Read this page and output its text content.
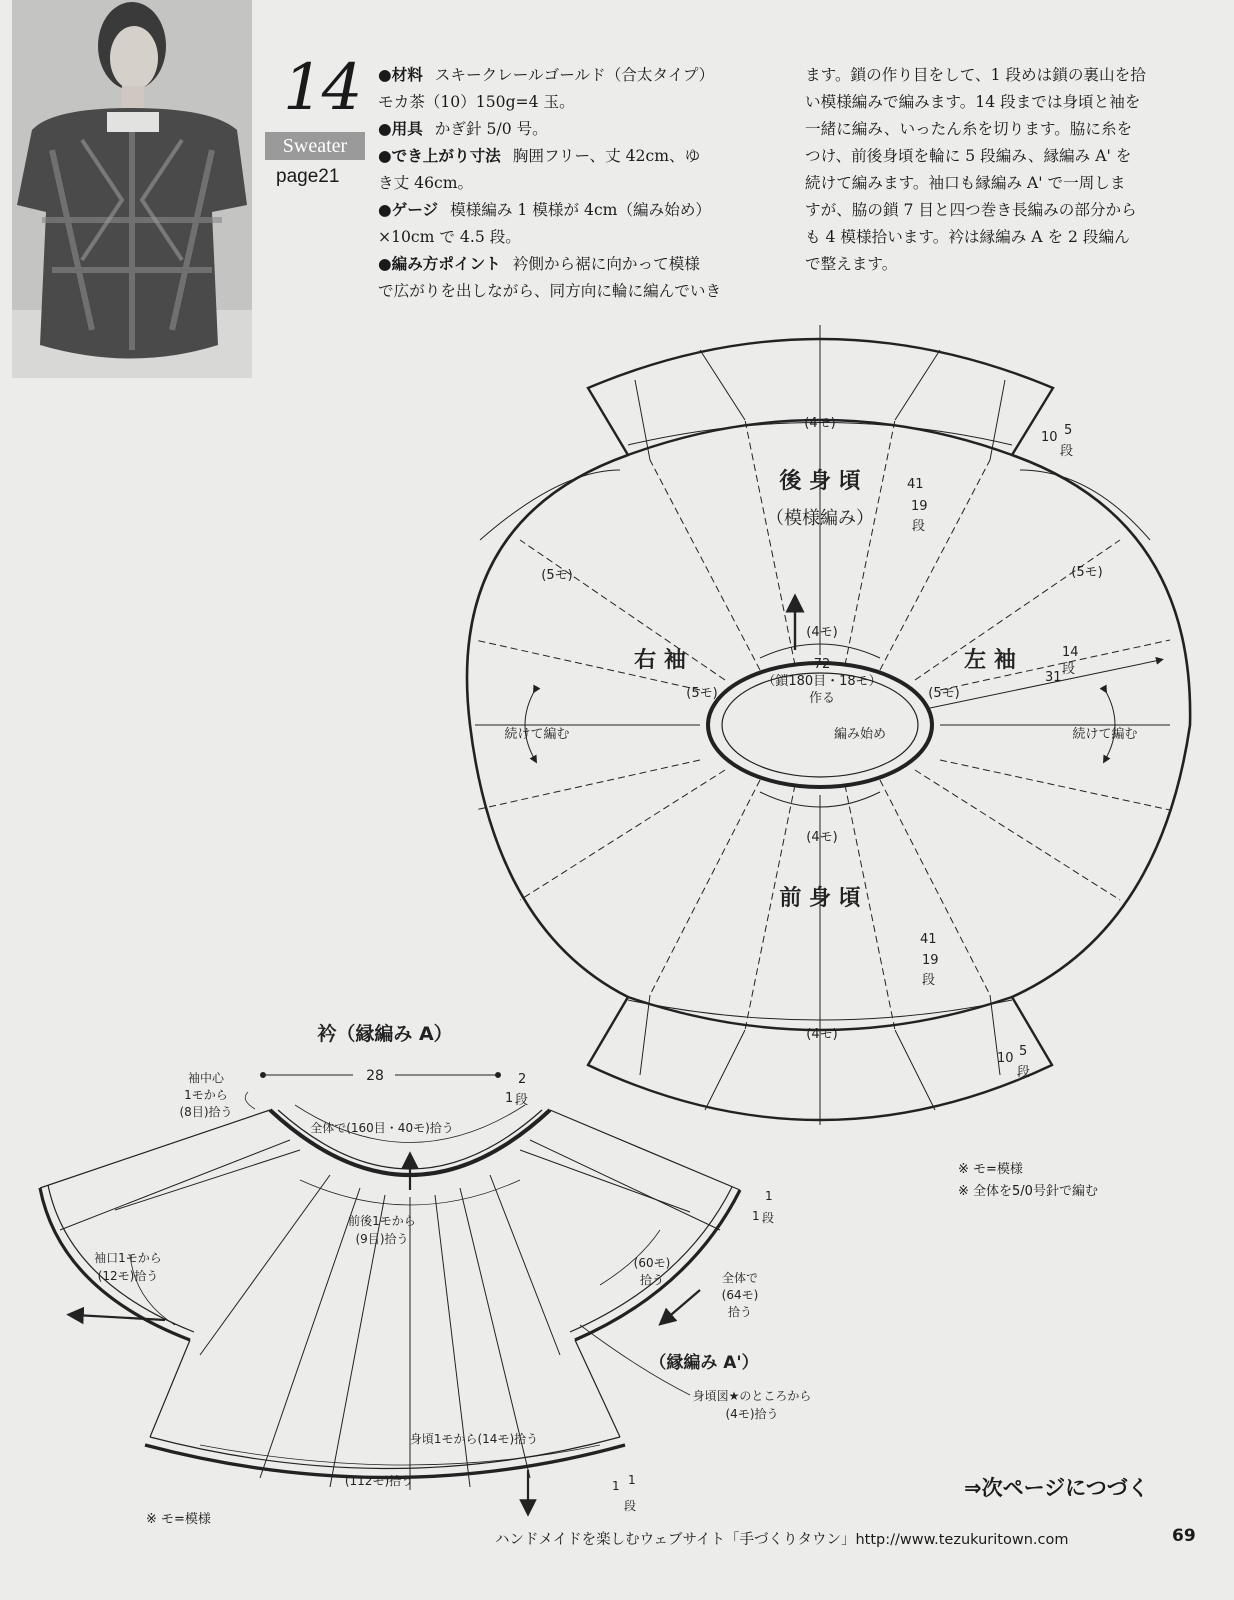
14
Sweater
page21
●材料 スキークレールゴールド（合太タイプ）
モカ茶（10）150g=4 玉。
●用具 かぎ針 5/0 号。
●でき上がり寸法 胸囲フリー、丈 42cm、ゆ
き丈 46cm。
●ゲージ 模様編み 1 模様が 4cm（編み始め）
×10cm で 4.5 段。
●編み方ポイント 衿側から裾に向かって模様
で広がりを出しながら、同方向に輪に編んでいき
ます。鎖の作り目をして、1 段めは鎖の裏山を拾
い模様編みで編みます。14 段までは身頃と袖を
一緒に編み、いったん糸を切ります。脇に糸を
つけ、前後身頃を輪に 5 段編み、縁編み A' を
続けて編みます。袖口も縁編み A' で一周しま
すが、脇の鎖 7 目と四つ巻き長編みの部分から
も 4 模様拾います。衿は縁編み A を 2 段編ん
で整えます。
後 身 頃
（模様編み）
前 身 頃
右 袖	左 袖
続けて編む	続けて編む
編み始め
72
（鎖180目・18モ）
作る
(4モ)
(4モ)
(4モ)
(4モ)
(5モ)	(5モ)
(5モ)	(5モ)
10 5
段
41
19
段
41
19
段
31
14
段
10 5
段
衿（縁編み A）
28
1
2
段
袖中心
1モから
(8目)拾う
全体で(160目・40モ)拾う
前後1モから
(9目)拾う
袖口1モから
(12モ)拾う
(60モ)
拾う	全体で
(64モ)
拾う
（縁編み A'）
身頃図★のところから
(4モ)拾う
身頃1モから(14モ)拾う
(112モ)拾う
1
1
段
1 1
段
※ モ=模様
※ 全体を5/0号針で編む
※ モ=模様
⇒次ページにつづく
ハンドメイドを楽しむウェブサイト「手づくりタウン」http://www.tezukuritown.com	69
